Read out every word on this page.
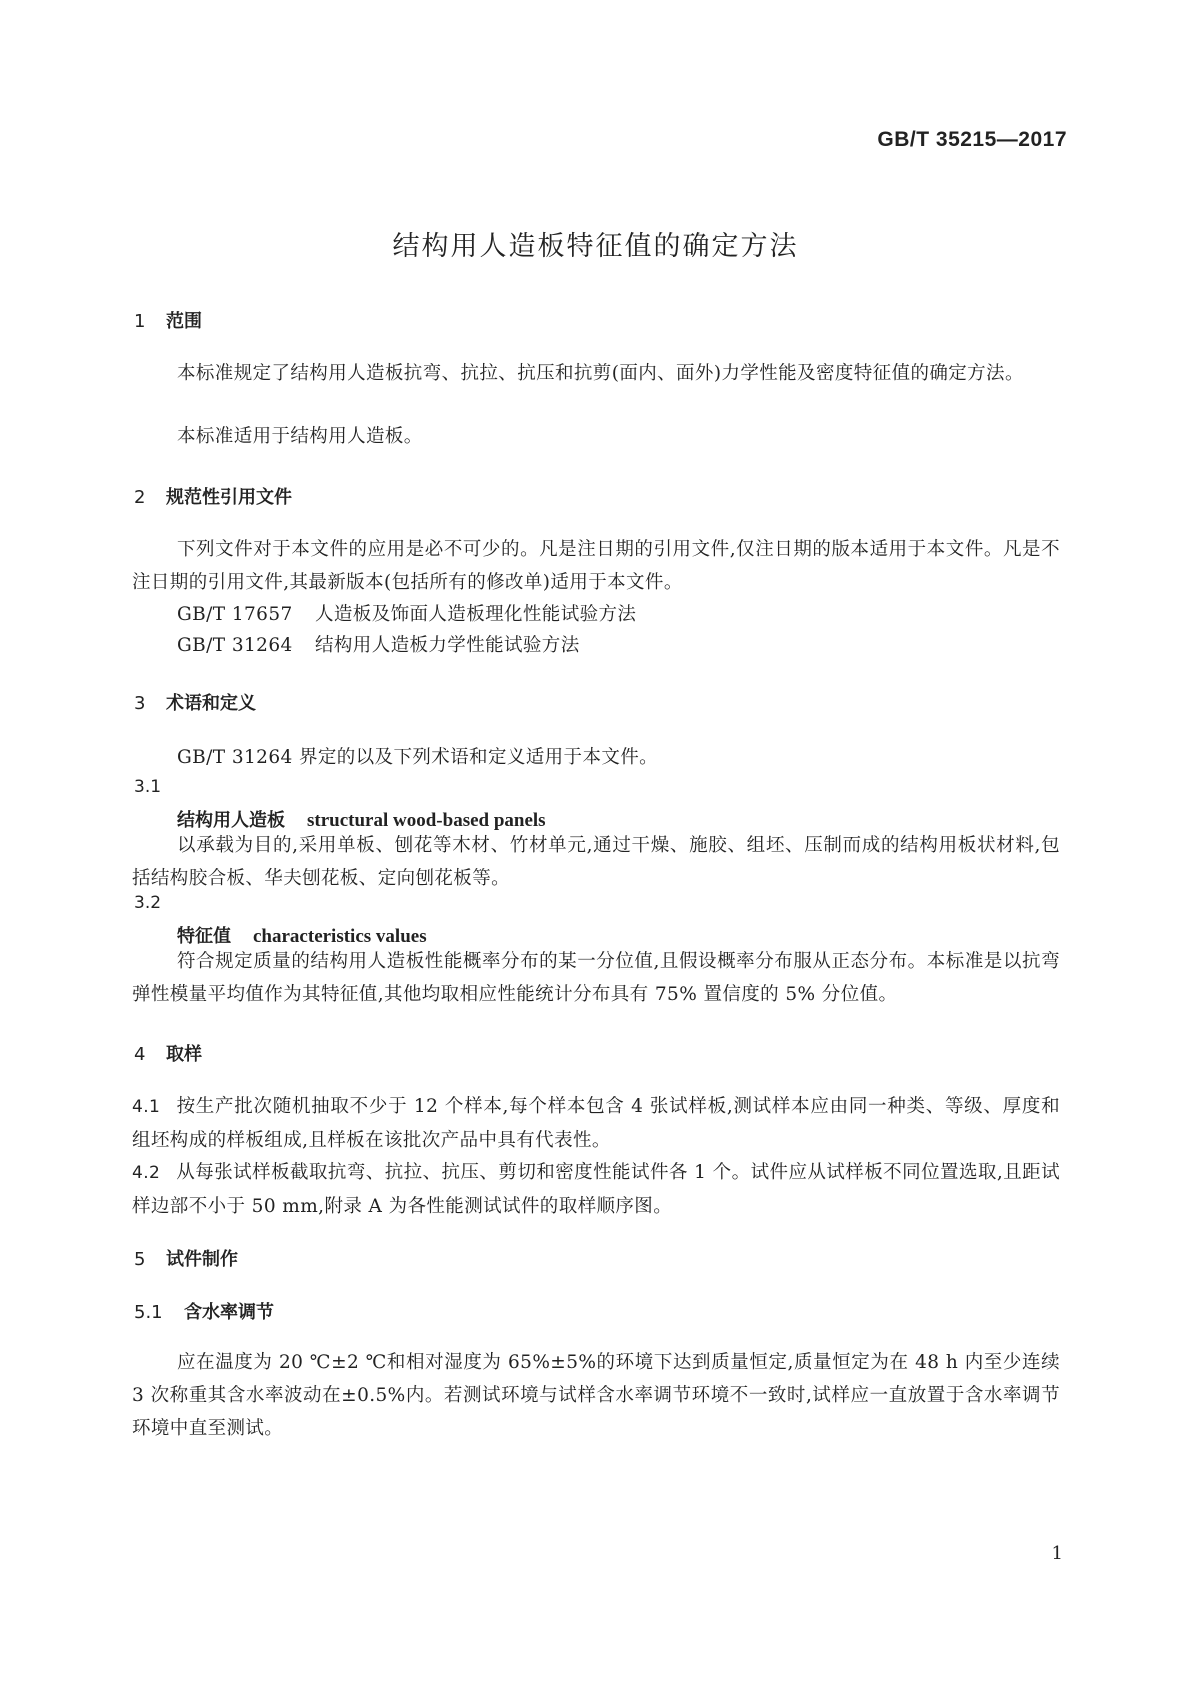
GB/T 35215—2017
结构用人造板特征值的确定方法
1 范围
本标准规定了结构用人造板抗弯、抗拉、抗压和抗剪(面内、面外)力学性能及密度特征值的确定方法。
本标准适用于结构用人造板。
2 规范性引用文件
下列文件对于本文件的应用是必不可少的。凡是注日期的引用文件,仅注日期的版本适用于本文件。凡是不注日期的引用文件,其最新版本(包括所有的修改单)适用于本文件。
GB/T 17657 人造板及饰面人造板理化性能试验方法
GB/T 31264 结构用人造板力学性能试验方法
3 术语和定义
GB/T 31264 界定的以及下列术语和定义适用于本文件。
3.1
结构用人造板 structural wood-based panels
以承载为目的,采用单板、刨花等木材、竹材单元,通过干燥、施胶、组坯、压制而成的结构用板状材料,包括结构胶合板、华夫刨花板、定向刨花板等。
3.2
特征值 characteristics values
符合规定质量的结构用人造板性能概率分布的某一分位值,且假设概率分布服从正态分布。本标准是以抗弯弹性模量平均值作为其特征值,其他均取相应性能统计分布具有 75% 置信度的 5% 分位值。
4 取样
4.1 按生产批次随机抽取不少于 12 个样本,每个样本包含 4 张试样板,测试样本应由同一种类、等级、厚度和组坯构成的样板组成,且样板在该批次产品中具有代表性。
4.2 从每张试样板截取抗弯、抗拉、抗压、剪切和密度性能试件各 1 个。试件应从试样板不同位置选取,且距试样边部不小于 50 mm,附录 A 为各性能测试试件的取样顺序图。
5 试件制作
5.1 含水率调节
应在温度为 20 ℃±2 ℃和相对湿度为 65%±5%的环境下达到质量恒定,质量恒定为在 48 h 内至少连续 3 次称重其含水率波动在±0.5%内。若测试环境与试样含水率调节环境不一致时,试样应一直放置于含水率调节环境中直至测试。
1
